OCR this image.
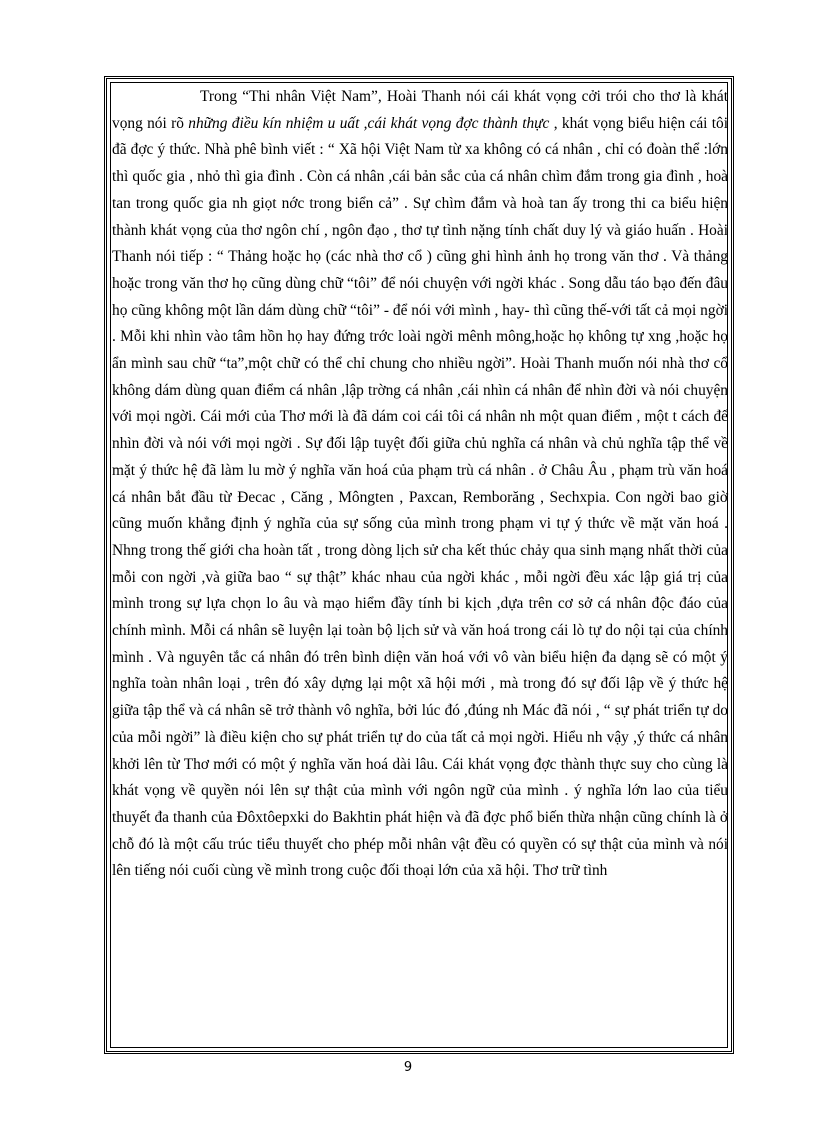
Trong “Thi nhân Việt Nam”, Hoài Thanh nói cái khát vọng cởi trói cho thơ là khát vọng nói rõ những điều kín nhiệm u uất ,cái khát vọng đợc thành thực , khát vọng biểu hiện cái tôi đã đợc ý thức. Nhà phê bình viết : “ Xã hội Việt Nam từ xa không có cá nhân , chỉ có đoàn thể :lớn thì quốc gia , nhỏ thì gia đình . Còn cá nhân ,cái bản sắc của cá nhân chìm đắm trong gia đình , hoà tan trong quốc gia nh giọt nớc trong biển cả” . Sự chìm đắm và hoà tan ấy trong thi ca biểu hiện thành khát vọng của thơ ngôn chí , ngôn đạo , thơ tự tình nặng tính chất duy lý và giáo huấn . Hoài Thanh nói tiếp : “ Thảng hoặc họ (các nhà thơ cổ ) cũng ghi hình ảnh họ trong văn thơ . Và thảng hoặc trong văn thơ họ cũng dùng chữ “tôi” để nói chuyện với ngời khác . Song dẫu táo bạo đến đâu họ cũng không một lần dám dùng chữ “tôi” - để nói với mình , hay- thì cũng thế-với tất cả mọi ngời . Mỗi khi nhìn vào tâm hồn họ hay đứng trớc loài ngời mênh mông,hoặc họ không tự xng ,hoặc họ ẩn mình sau chữ “ta”,một chữ có thể chỉ chung cho nhiều ngời”. Hoài Thanh muốn nói nhà thơ cổ không dám dùng quan điểm cá nhân ,lập trờng cá nhân ,cái nhìn cá nhân để nhìn đời và nói chuyện với mọi ngời. Cái mới của Thơ mới là đã dám coi cái tôi cá nhân nh một quan điểm , một t cách để nhìn đời và nói với mọi ngời . Sự đối lập tuyệt đối giữa chủ nghĩa cá nhân và chủ nghĩa tập thể về mặt ý thức hệ đã làm lu mờ ý nghĩa văn hoá của phạm trù cá nhân . ở Châu Âu , phạm trù văn hoá cá nhân bắt đầu từ Đecac , Căng , Môngten , Paxcan, Remborăng , Sechxpia. Con ngời bao giờ cũng muốn khẳng định ý nghĩa của sự sống của mình trong phạm vi tự ý thức về mặt văn hoá . Nhng trong thế giới cha hoàn tất , trong dòng lịch sử cha kết thúc chảy qua sinh mạng nhất thời của mỗi con ngời ,và giữa bao “ sự thật” khác nhau của ngời khác , mỗi ngời đều xác lập giá trị của mình trong sự lựa chọn lo âu và mạo hiểm đầy tính bi kịch ,dựa trên cơ sở cá nhân độc đáo của chính mình. Mỗi cá nhân sẽ luyện lại toàn bộ lịch sử và văn hoá trong cái lò tự do nội tại của chính mình . Và nguyên tắc cá nhân đó trên bình diện văn hoá với vô vàn biểu hiện đa dạng sẽ có một ý nghĩa toàn nhân loại , trên đó xây dựng lại một xã hội mới , mà trong đó sự đối lập về ý thức hệ giữa tập thể và cá nhân sẽ trở thành vô nghĩa, bởi lúc đó ,đúng nh Mác đã nói , “ sự phát triển tự do của mỗi ngời” là điều kiện cho sự phát triển tự do của tất cả mọi ngời. Hiểu nh vậy ,ý thức cá nhân khởi lên từ Thơ mới có một ý nghĩa văn hoá dài lâu. Cái khát vọng đợc thành thực suy cho cùng là khát vọng về quyền nói lên sự thật của mình với ngôn ngữ của mình . ý nghĩa lớn lao của tiểu thuyết đa thanh của Đôxtôepxki do Bakhtin phát hiện và đã đợc phổ biến thừa nhận cũng chính là ở chỗ đó là một cấu trúc tiểu thuyết cho phép mỗi nhân vật đều có quyền có sự thật của mình và nói lên tiếng nói cuối cùng về mình trong cuộc đối thoại lớn của xã hội. Thơ trữ tình

9
